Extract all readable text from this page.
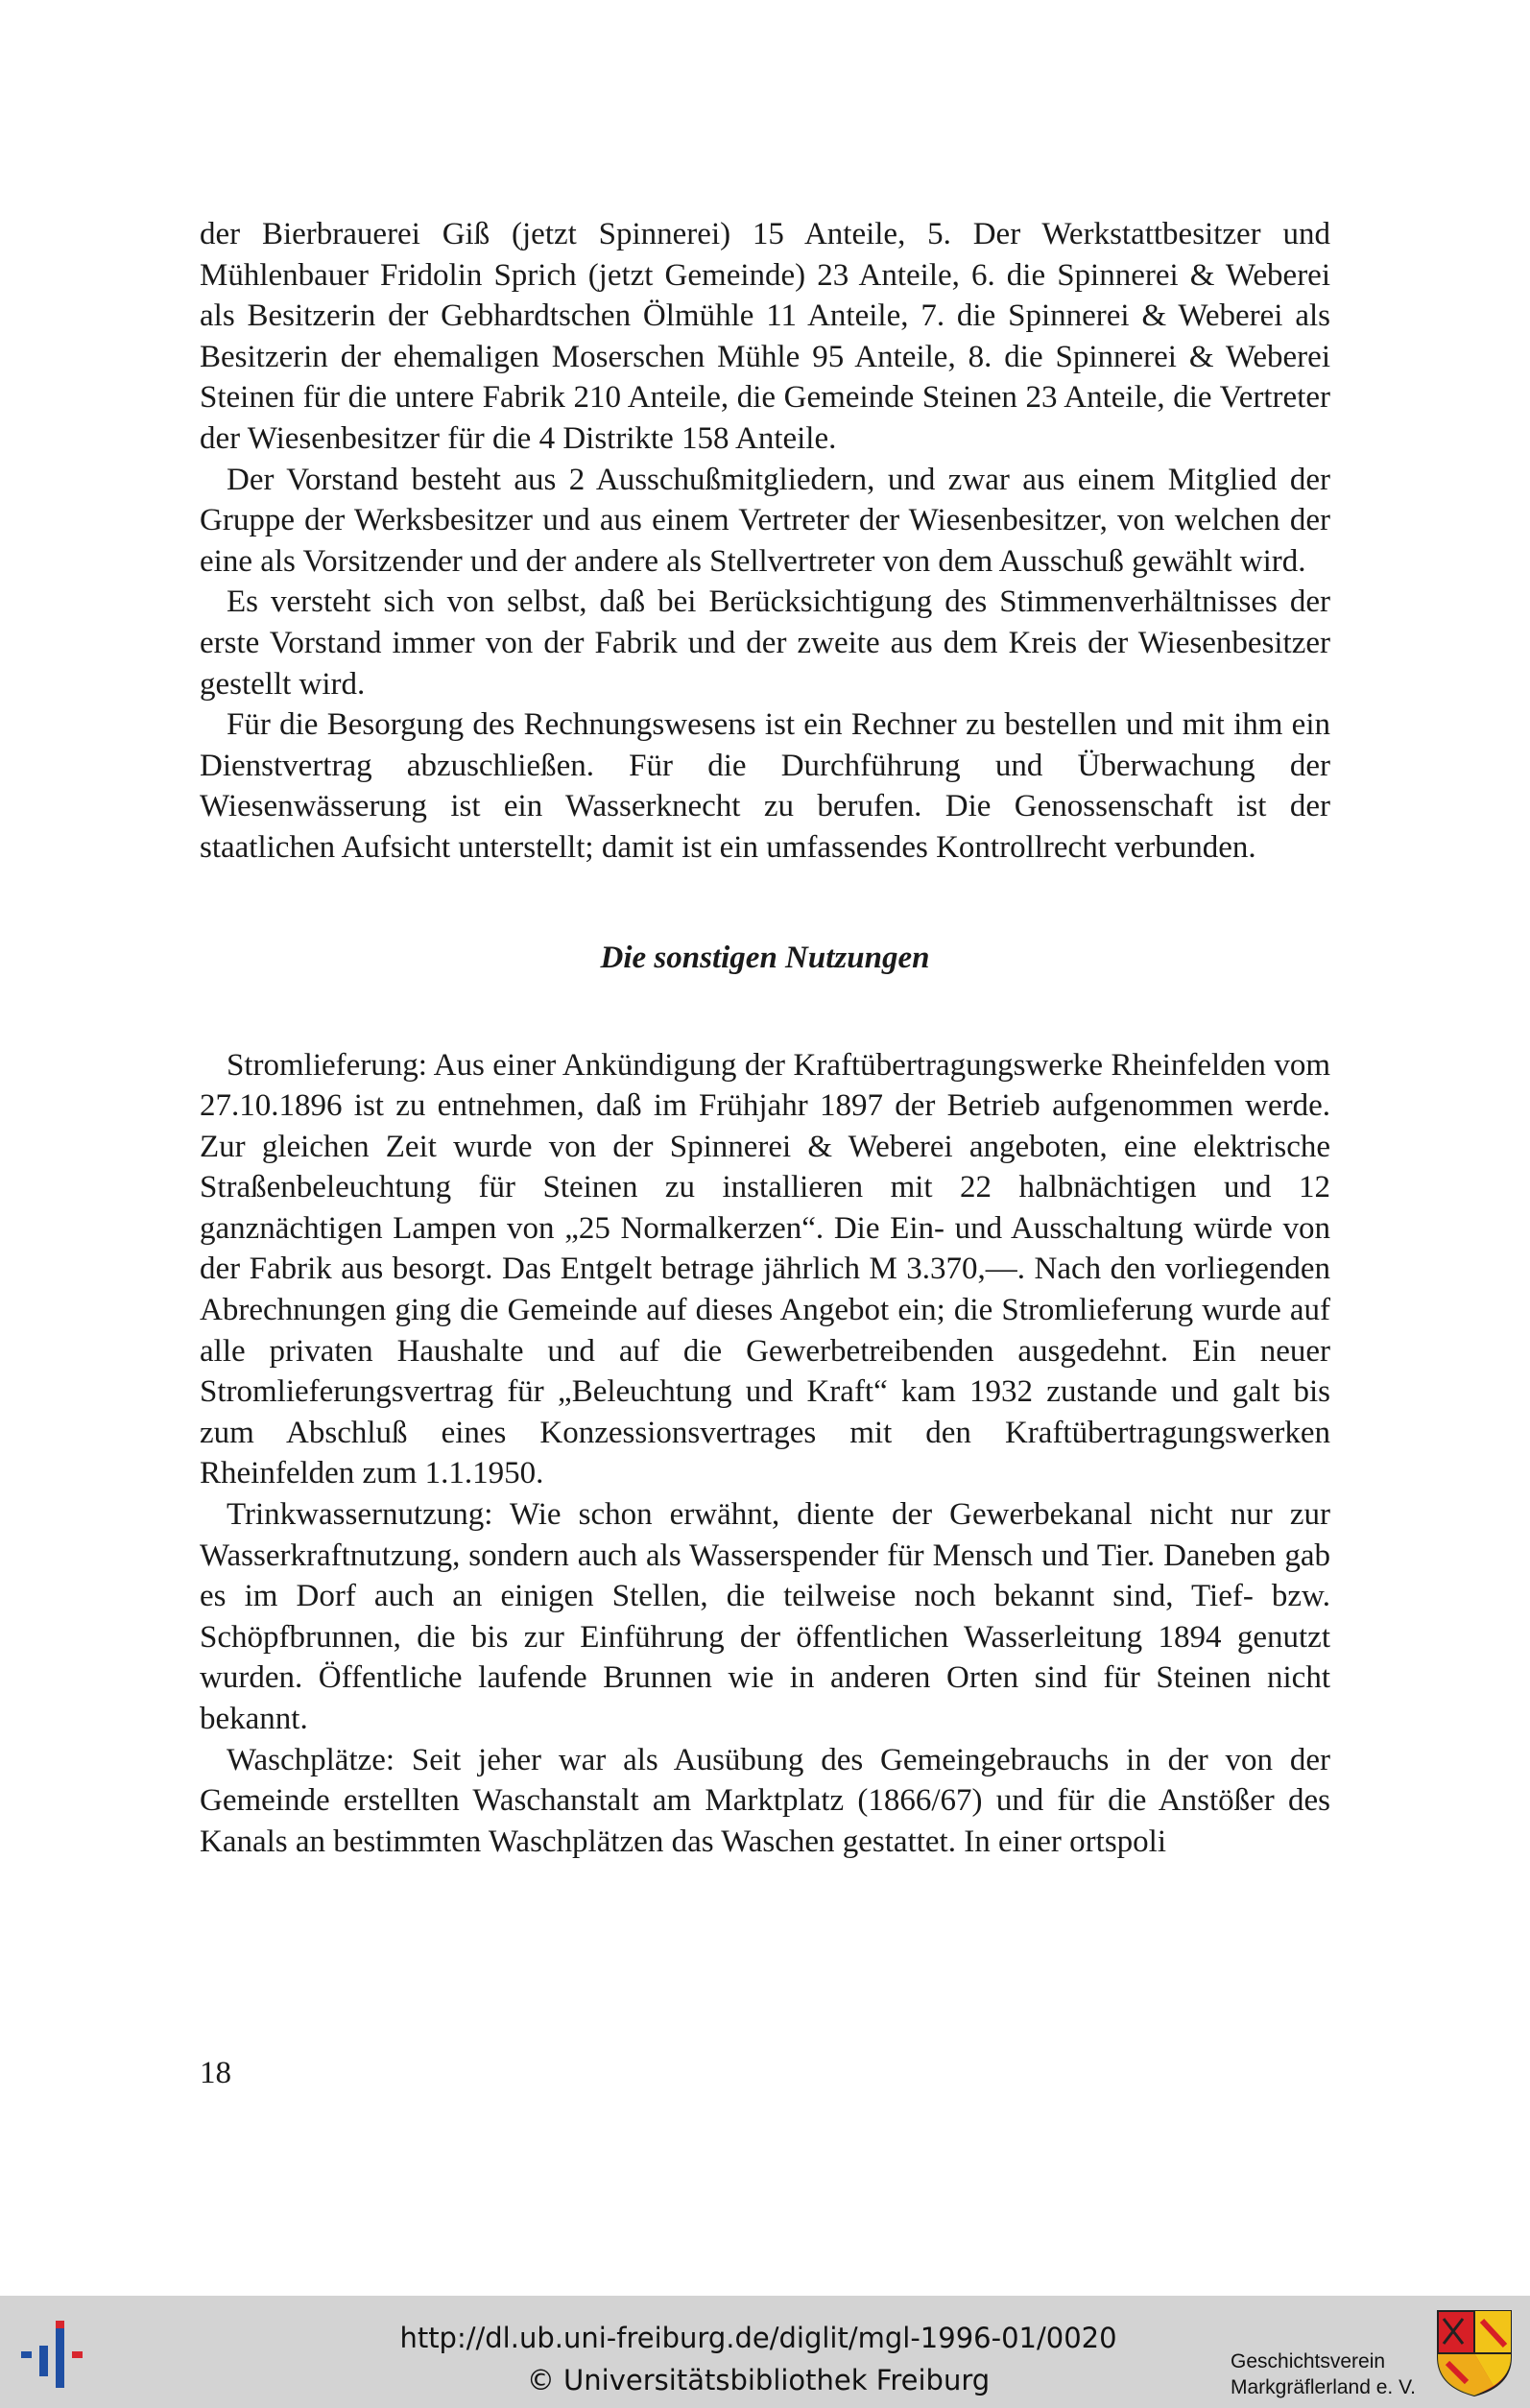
der Bierbrauerei Giß (jetzt Spinnerei) 15 Anteile, 5. Der Werkstattbesitzer und Mühlenbauer Fridolin Sprich (jetzt Gemeinde) 23 Anteile, 6. die Spinnerei & Weberei als Besitzerin der Gebhardtschen Ölmühle 11 Anteile, 7. die Spinnerei & Weberei als Besitzerin der ehemaligen Moserschen Mühle 95 Anteile, 8. die Spinnerei & Weberei Steinen für die untere Fabrik 210 Anteile, die Gemeinde Steinen 23 Anteile, die Vertreter der Wiesenbesitzer für die 4 Distrikte 158 Anteile.

Der Vorstand besteht aus 2 Ausschußmitgliedern, und zwar aus einem Mitglied der Gruppe der Werksbesitzer und aus einem Vertreter der Wiesenbesitzer, von welchen der eine als Vorsitzender und der andere als Stellvertreter von dem Ausschuß gewählt wird.

Es versteht sich von selbst, daß bei Berücksichtigung des Stimmenverhältnisses der erste Vorstand immer von der Fabrik und der zweite aus dem Kreis der Wiesenbesitzer gestellt wird.

Für die Besorgung des Rechnungswesens ist ein Rechner zu bestellen und mit ihm ein Dienstvertrag abzuschließen. Für die Durchführung und Überwachung der Wiesenwässerung ist ein Wasserknecht zu berufen. Die Genossenschaft ist der staatlichen Aufsicht unterstellt; damit ist ein umfassendes Kontrollrecht verbunden.

Die sonstigen Nutzungen

Stromlieferung: Aus einer Ankündigung der Kraftübertragungswerke Rheinfelden vom 27.10.1896 ist zu entnehmen, daß im Frühjahr 1897 der Betrieb aufgenommen werde. Zur gleichen Zeit wurde von der Spinnerei & Weberei angeboten, eine elektrische Straßenbeleuchtung für Steinen zu installieren mit 22 halbnächtigen und 12 ganznächtigen Lampen von „25 Normalkerzen“. Die Ein- und Ausschaltung würde von der Fabrik aus besorgt. Das Entgelt betrage jährlich M 3.370,—. Nach den vorliegenden Abrechnungen ging die Gemeinde auf dieses Angebot ein; die Stromlieferung wurde auf alle privaten Haushalte und auf die Gewerbetreibenden ausgedehnt. Ein neuer Stromlieferungsvertrag für „Beleuchtung und Kraft“ kam 1932 zustande und galt bis zum Abschluß eines Konzessionsvertrages mit den Kraftübertragungswerken Rheinfelden zum 1.1.1950.

Trinkwassernutzung: Wie schon erwähnt, diente der Gewerbekanal nicht nur zur Wasserkraftnutzung, sondern auch als Wasserspender für Mensch und Tier. Daneben gab es im Dorf auch an einigen Stellen, die teilweise noch bekannt sind, Tief- bzw. Schöpfbrunnen, die bis zur Einführung der öffentlichen Wasserleitung 1894 genutzt wurden. Öffentliche laufende Brunnen wie in anderen Orten sind für Steinen nicht bekannt.

Waschplätze: Seit jeher war als Ausübung des Gemeingebrauchs in der von der Gemeinde erstellten Waschanstalt am Marktplatz (1866/67) und für die Anstößer des Kanals an bestimmten Waschplätzen das Waschen gestattet. In einer ortspoli

18
http://dl.ub.uni-freiburg.de/diglit/mgl-1996-01/0020
© Universitätsbibliothek Freiburg
Geschichtsverein
Markgräflerland e. V.
